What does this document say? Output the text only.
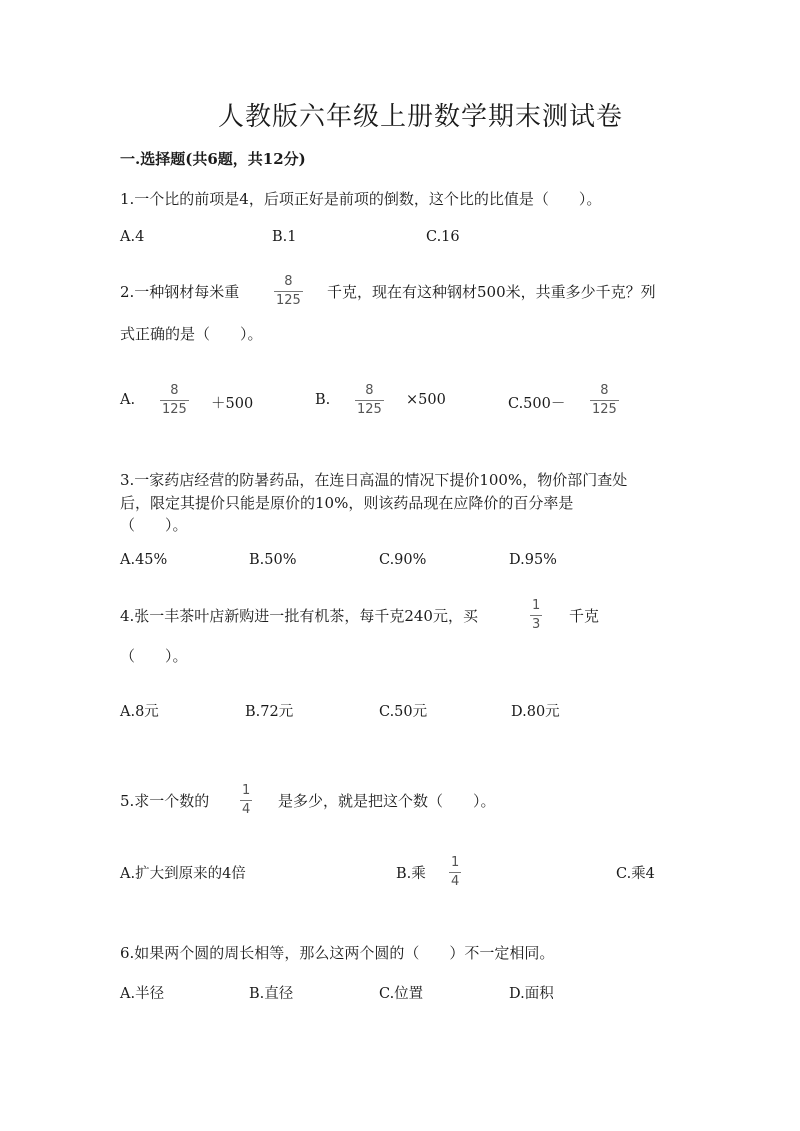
人教版六年级上册数学期末测试卷
一.选择题(共6题，共12分)
1.一个比的前项是4，后项正好是前项的倒数，这个比的比值是（　　）。
A.4	B.1	C.16
2.一种钢材每米重
8
125 千克，现在有这种钢材500米，共重多少千克？列
式正确的是（　　）。
A.
8
125 ＋500	B.
8
125
×500	C.500－
8
125
3.一家药店经营的防暑药品，在连日高温的情况下提价100%，物价部门查处
后，限定其提价只能是原价的10%，则该药品现在应降价的百分率是
（　　）。
A.45%	B.50%	C.90%	D.95%
4.张一丰茶叶店新购进一批有机茶，每千克240元，买
1
3 千克
（　　）。
A.8元	B.72元	C.50元	D.80元
5.求一个数的
1
4 是多少，就是把这个数（　　）。
A.扩大到原来的4倍	B.乘
1
4	C.乘4
6.如果两个圆的周长相等，那么这两个圆的（　　）不一定相同。
A.半径	B.直径	C.位置	D.面积
